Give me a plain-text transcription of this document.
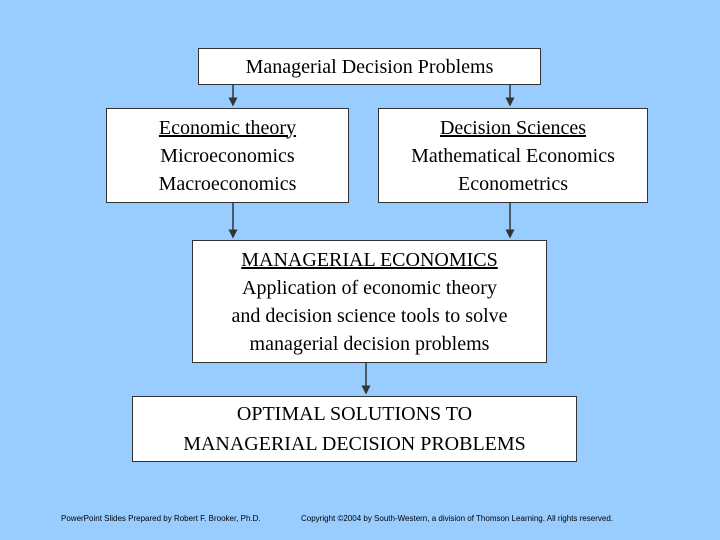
Managerial Decision Problems
Economic theory
Microeconomics
Macroeconomics
Decision Sciences
Mathematical Economics
Econometrics
MANAGERIAL ECONOMICS
Application of economic theory
and decision science tools to solve
managerial decision problems
OPTIMAL SOLUTIONS TO
MANAGERIAL DECISION PROBLEMS
PowerPoint Slides Prepared by Robert F. Brooker, Ph.D.	Copyright ©2004 by South-Western, a division of Thomson Learning. All rights reserved.
